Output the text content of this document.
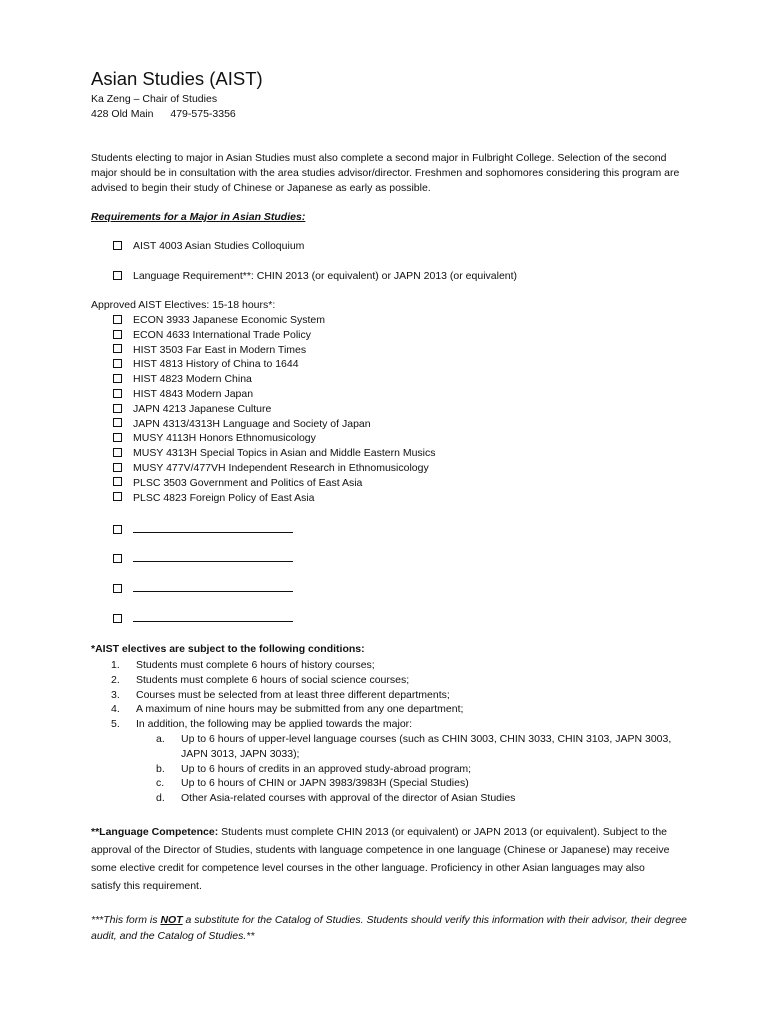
Asian Studies (AIST)
Ka Zeng – Chair of Studies
428 Old Main 479-575-3356
Students electing to major in Asian Studies must also complete a second major in Fulbright College. Selection of the second major should be in consultation with the area studies advisor/director. Freshmen and sophomores considering this program are advised to begin their study of Chinese or Japanese as early as possible.
Requirements for a Major in Asian Studies:
AIST 4003 Asian Studies Colloquium
Language Requirement**: CHIN 2013 (or equivalent) or JAPN 2013 (or equivalent)
Approved AIST Electives: 15-18 hours*:
ECON 3933 Japanese Economic System
ECON 4633 International Trade Policy
HIST 3503 Far East in Modern Times
HIST 4813 History of China to 1644
HIST 4823 Modern China
HIST 4843 Modern Japan
JAPN 4213 Japanese Culture
JAPN 4313/4313H Language and Society of Japan
MUSY 4113H Honors Ethnomusicology
MUSY 4313H Special Topics in Asian and Middle Eastern Musics
MUSY 477V/477VH Independent Research in Ethnomusicology
PLSC 3503 Government and Politics of East Asia
PLSC 4823 Foreign Policy of East Asia
*AIST electives are subject to the following conditions:
1. Students must complete 6 hours of history courses;
2. Students must complete 6 hours of social science courses;
3. Courses must be selected from at least three different departments;
4. A maximum of nine hours may be submitted from any one department;
5. In addition, the following may be applied towards the major:
a. Up to 6 hours of upper-level language courses (such as CHIN 3003, CHIN 3033, CHIN 3103, JAPN 3003,
JAPN 3013, JAPN 3033);
b. Up to 6 hours of credits in an approved study-abroad program;
c. Up to 6 hours of CHIN or JAPN 3983/3983H (Special Studies)
d. Other Asia-related courses with approval of the director of Asian Studies
**Language Competence: Students must complete CHIN 2013 (or equivalent) or JAPN 2013 (or equivalent). Subject to the approval of the Director of Studies, students with language competence in one language (Chinese or Japanese) may receive some elective credit for competence level courses in the other language. Proficiency in other Asian languages may also satisfy this requirement.
***This form is NOT a substitute for the Catalog of Studies. Students should verify this information with their advisor, their degree audit, and the Catalog of Studies.**
